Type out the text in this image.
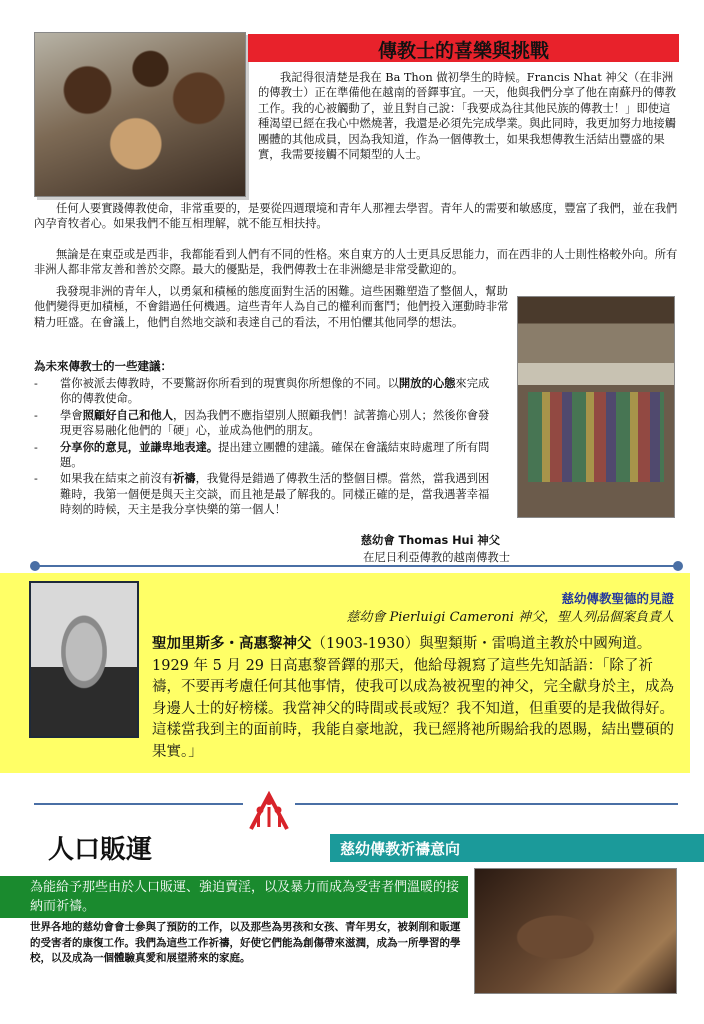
傳教士的喜樂與挑戰

我記得很清楚是我在 Ba Thon 做初學生的時候。Francis Nhat 神父（在非洲的傳教士）正在準備他在越南的晉鐸事宜。一天，他與我們分享了他在南蘇丹的傳教工作。我的心被觸動了，並且對自己說：「我要成為往其他民族的傳教士！」即使這種渴望已經在我心中燃燒著，我還是必須先完成學業。與此同時，我更加努力地接觸團體的其他成員，因為我知道，作為一個傳教士，如果我想傳教生活結出豐盛的果實，我需要接觸不同類型的人士。

任何人要實踐傳教使命，非常重要的，是要從四週環境和青年人那裡去學習。青年人的需要和敏感度，豐富了我們，並在我們內孕育牧者心。如果我們不能互相理解，就不能互相扶持。

無論是在東亞或是西非，我都能看到人們有不同的性格。來自東方的人士更具反思能力，而在西非的人士則性格較外向。所有非洲人都非常友善和善於交際。最大的優點是，我們傳教士在非洲總是非常受歡迎的。

我發現非洲的青年人，以勇氣和積極的態度面對生活的困難。這些困難塑造了整個人，幫助他們變得更加積極，不會錯過任何機遇。這些青年人為自己的權利而奮鬥；他們投入運動時非常精力旺盛。在會議上，他們自然地交談和表達自己的看法，不用怕懼其他同學的想法。

為未來傳教士的一些建議：
- 當你被派去傳教時，不要驚訝你所看到的現實與你所想像的不同。以開放的心態來完成你的傳教使命。
- 學會照顧好自己和他人，因為我們不應指望別人照顧我們！試著擔心別人；然後你會發現更容易融化他們的「硬」心，並成為他們的朋友。
- 分享你的意見，並謙卑地表達。提出建立團體的建議。確保在會議結束時處理了所有問題。
- 如果我在結束之前沒有祈禱，我覺得是錯過了傳教生活的整個目標。當然，當我遇到困難時，我第一個便是與天主交談，而且祂是最了解我的。同樣正確的是，當我遇著幸福時刻的時候，天主是我分享快樂的第一個人！
慈幼會 Thomas Hui 神父
在尼日利亞傳教的越南傳教士
慈幼傳教聖德的見證
慈幼會 Pierluigi Cameroni 神父，聖人列品個案負責人

聖加里斯多・高惠黎神父（1903-1930）與聖類斯・雷鳴道主教於中國殉道。1929 年 5 月 29 日高惠黎晉鐸的那天，他給母親寫了這些先知話語：「除了祈禱，不要再考慮任何其他事情，使我可以成為被祝聖的神父，完全獻身於主，成為身邊人士的好榜樣。我當神父的時間或長或短？我不知道，但重要的是我做得好。這樣當我到主的面前時，我能自豪地說，我已經將祂所賜給我的恩賜，結出豐碩的果實。」

人口販運	慈幼傳教祈禱意向
為能給予那些由於人口販運、強迫賣淫，以及暴力而成為受害者們溫暖的接納而祈禱。

世界各地的慈幼會會士參與了預防的工作，以及那些為男孩和女孩、青年男女，被剝削和販運的受害者的康復工作。我們為這些工作祈禱，好使它們能為創傷帶來滋潤，成為一所學習的學校，以及成為一個體驗真愛和展望將來的家庭。
